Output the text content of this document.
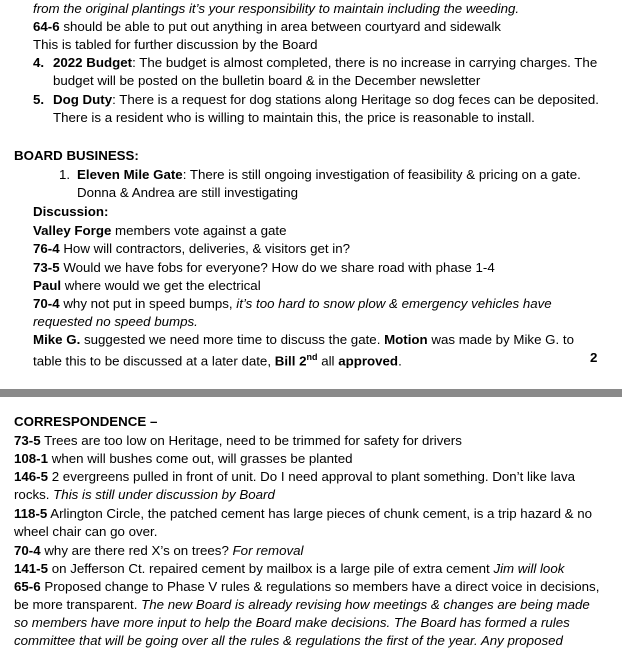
from the original plantings it’s your responsibility to maintain including the weeding.
64-6 should be able to put out anything in area between courtyard and sidewalk
This is tabled for further discussion by the Board
4. 2022 Budget: The budget is almost completed, there is no increase in carrying charges. The
budget will be posted on the bulletin board & in the December newsletter
5. Dog Duty: There is a request for dog stations along Heritage so dog feces can be deposited.
There is a resident who is willing to maintain this, the price is reasonable to install.
BOARD BUSINESS:
1. Eleven Mile Gate: There is still ongoing investigation of feasibility & pricing on a gate.
Donna & Andrea are still investigating
Discussion:
Valley Forge members vote against a gate
76-4 How will contractors, deliveries, & visitors get in?
73-5 Would we have fobs for everyone? How do we share road with phase 1-4
Paul where would we get the electrical
70-4 why not put in speed bumps, it’s too hard to snow plow & emergency vehicles have
requested no speed bumps.
Mike G. suggested we need more time to discuss the gate. Motion was made by Mike G. to
table this to be discussed at a later date, Bill 2nd all approved.	2
CORRESPONDENCE –
73-5 Trees are too low on Heritage, need to be trimmed for safety for drivers
108-1 when will bushes come out, will grasses be planted
146-5 2 evergreens pulled in front of unit. Do I need approval to plant something. Don’t like lava
rocks. This is still under discussion by Board
118-5 Arlington Circle, the patched cement has large pieces of chunk cement, is a trip hazard & no
wheel chair can go over.
70-4 why are there red X’s on trees? For removal
141-5 on Jefferson Ct. repaired cement by mailbox is a large pile of extra cement Jim will look
65-6 Proposed change to Phase V rules & regulations so members have a direct voice in decisions,
be more transparent. The new Board is already revising how meetings & changes are being made
so members have more input to help the Board make decisions. The Board has formed a rules
committee that will be going over all the rules & regulations the first of the year. Any proposed
